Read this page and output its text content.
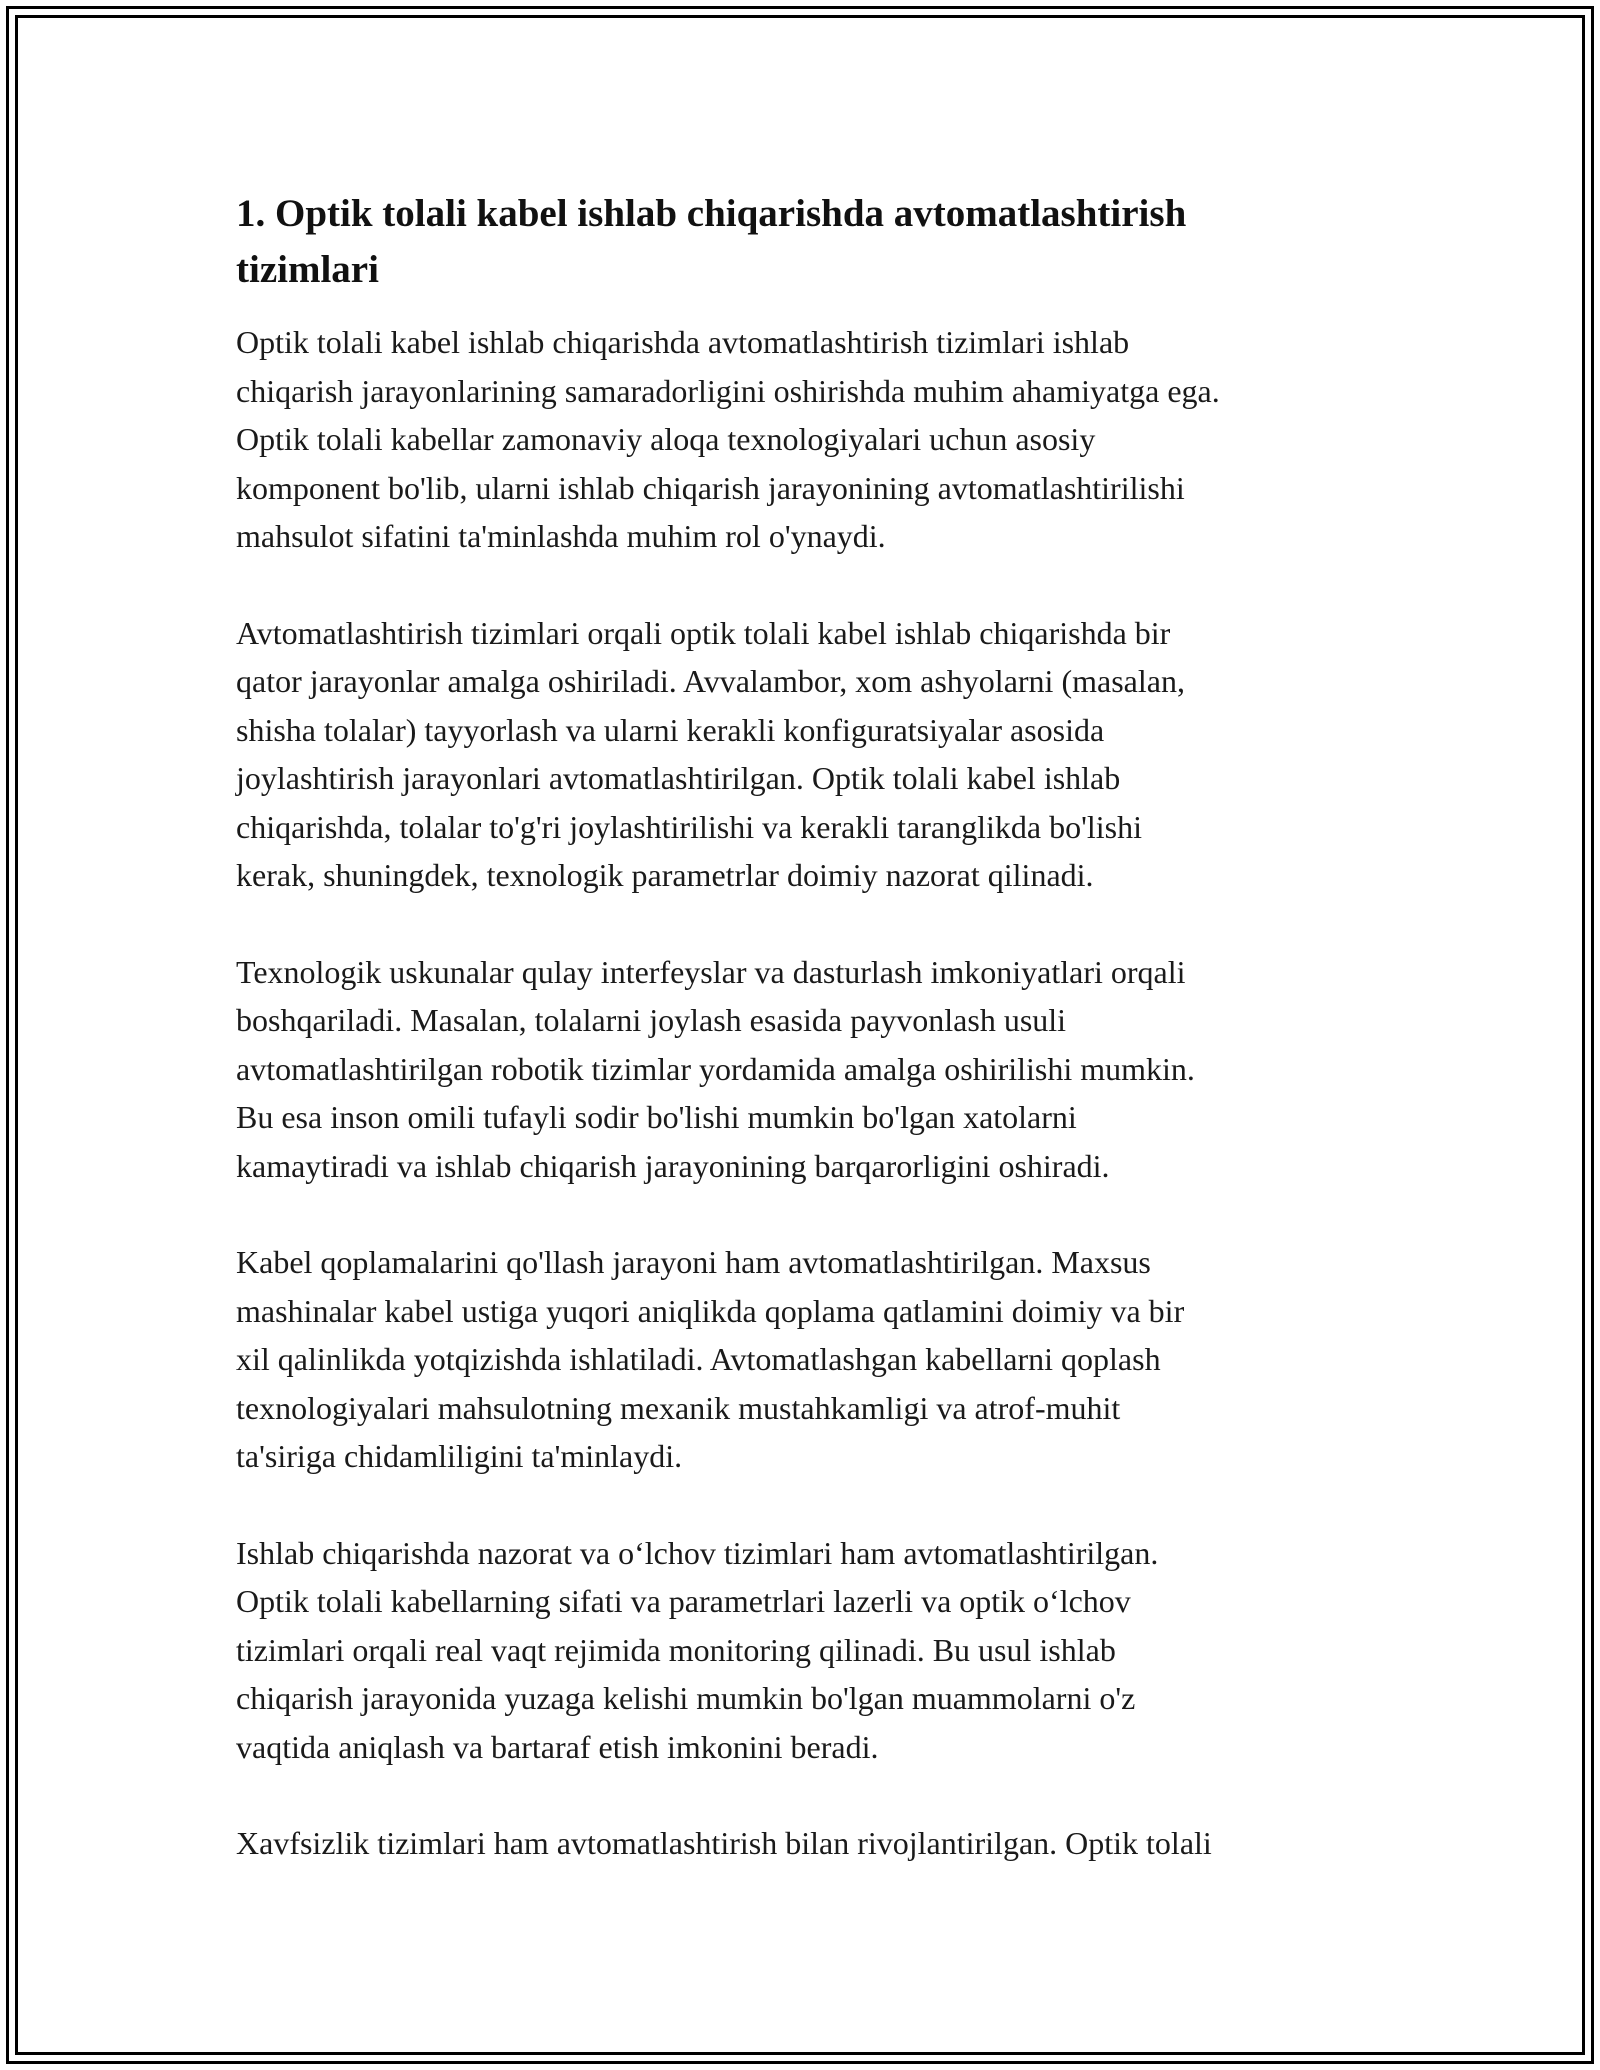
1. Optik tolali kabel ishlab chiqarishda avtomatlashtirish
tizimlari

Optik tolali kabel ishlab chiqarishda avtomatlashtirish tizimlari ishlab
chiqarish jarayonlarining samaradorligini oshirishda muhim ahamiyatga ega.
Optik tolali kabellar zamonaviy aloqa texnologiyalari uchun asosiy
komponent bo'lib, ularni ishlab chiqarish jarayonining avtomatlashtirilishi
mahsulot sifatini ta'minlashda muhim rol o'ynaydi.

Avtomatlashtirish tizimlari orqali optik tolali kabel ishlab chiqarishda bir
qator jarayonlar amalga oshiriladi. Avvalambor, xom ashyolarni (masalan,
shisha tolalar) tayyorlash va ularni kerakli konfiguratsiyalar asosida
joylashtirish jarayonlari avtomatlashtirilgan. Optik tolali kabel ishlab
chiqarishda, tolalar to'g'ri joylashtirilishi va kerakli taranglikda bo'lishi
kerak, shuningdek, texnologik parametrlar doimiy nazorat qilinadi.

Texnologik uskunalar qulay interfeyslar va dasturlash imkoniyatlari orqali
boshqariladi. Masalan, tolalarni joylash esasida payvonlash usuli
avtomatlashtirilgan robotik tizimlar yordamida amalga oshirilishi mumkin.
Bu esa inson omili tufayli sodir bo'lishi mumkin bo'lgan xatolarni
kamaytiradi va ishlab chiqarish jarayonining barqarorligini oshiradi.

Kabel qoplamalarini qo'llash jarayoni ham avtomatlashtirilgan. Maxsus
mashinalar kabel ustiga yuqori aniqlikda qoplama qatlamini doimiy va bir
xil qalinlikda yotqizishda ishlatiladi. Avtomatlashgan kabellarni qoplash
texnologiyalari mahsulotning mexanik mustahkamligi va atrof-muhit
ta'siriga chidamliligini ta'minlaydi.

Ishlab chiqarishda nazorat va o‘lchov tizimlari ham avtomatlashtirilgan.
Optik tolali kabellarning sifati va parametrlari lazerli va optik o‘lchov
tizimlari orqali real vaqt rejimida monitoring qilinadi. Bu usul ishlab
chiqarish jarayonida yuzaga kelishi mumkin bo'lgan muammolarni o'z
vaqtida aniqlash va bartaraf etish imkonini beradi.

Xavfsizlik tizimlari ham avtomatlashtirish bilan rivojlantirilgan. Optik tolali
